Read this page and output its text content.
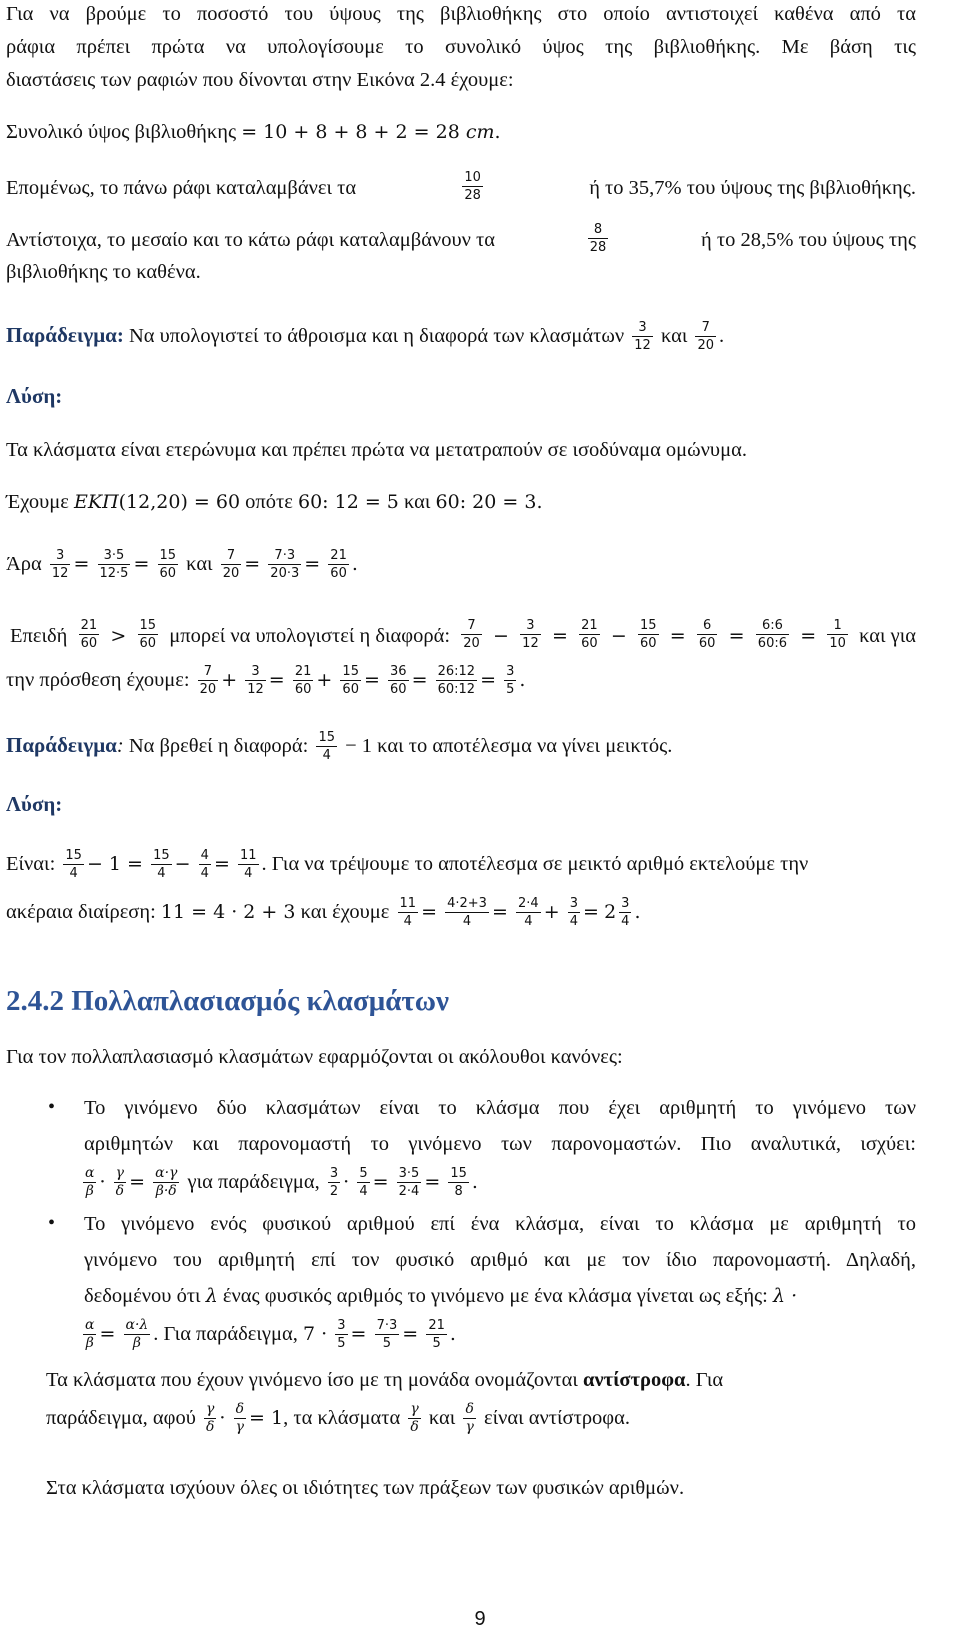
Για να βρούμε το ποσοστό του ύψους της βιβλιοθήκης στο οποίο αντιστοιχεί καθένα από τα
ράφια πρέπει πρώτα να υπολογίσουμε το συνολικό ύψος της βιβλιοθήκης. Με βάση τις
διαστάσεις των ραφιών που δίνονται στην Εικόνα 2.4 έχουμε:
Συνολικό ύψος βιβλιοθήκης = 10 + 8 + 8 + 2 = 28 cm.
Επομένως, το πάνω ράφι καταλαμβάνει τα	10
28	ή το 35,7% του ύψους της βιβλιοθήκης.
Αντίστοιχα, το μεσαίο και το κάτω ράφι καταλαμβάνουν τα	8
28	ή το 28,5% του ύψους της
βιβλιοθήκης το καθένα.
Παράδειγμα: Να υπολογιστεί το άθροισμα και η διαφορά των κλασμάτων $\frac{3}{12}$ και $\frac{7}{20}$ .
Λύση:
Τα κλάσματα είναι ετερώνυμα και πρέπει πρώτα να μετατραπούν σε ισοδύναμα ομώνυμα.
Έχουμε ΕΚΠ(12,20) = 60 οπότε 60: 12 = 5 και 60: 20 = 3.
Άρα $\frac{3}{12} = \frac{3\cdot 5}{12\cdot 5} = \frac{15}{60}$ και $\frac{7}{20} = \frac{7\cdot 3}{20\cdot 3} = \frac{21}{60}$ .
Επειδή 21
60 > 15
60 μπορεί να υπολογιστεί η διαφορά:	7
$20 - \frac{3}{12} = \frac{21}{60} - \frac{15}{60} = \frac{6}{60} = \frac{6:6}{60:6} = \frac{1}{10}$ και για
την πρόσθεση έχουμε: $\frac{7}{20} + \frac{3}{12} = \frac{21}{60} + \frac{15}{60} = \frac{36}{60} = \frac{26:12}{60:12} = \frac{3}{5}$ .
Παράδειγμα: Να βρεθεί η διαφορά: $\frac{15}{4} - 1$ και το αποτέλεσμα να γίνει μεικτός.
Λύση:
Είναι: $\frac{15}{4} - 1 = \frac{15}{4} - \frac{4}{4} = \frac{11}{4}$ . Για να τρέψουμε το αποτέλεσμα σε μεικτό αριθμό εκτελούμε την
ακέραια διαίρεση: 11 = 4 · 2 + 3 και έχουμε $\frac{11}{4} = \frac{4\cdot 2+3}{4} = \frac{2\cdot 4}{4} + \frac{3}{4} = 2 \frac{3}{4}$ .
2.4.2 Πολλαπλασιασμός κλασμάτων
Για τον πολλαπλασιασμό κλασμάτων εφαρμόζονται οι ακόλουθοι κανόνες:
• Το γινόμενο δύο κλασμάτων είναι το κλάσμα που έχει αριθμητή το γινόμενο των
αριθμητών και παρονομαστή το γινόμενο των παρονομαστών. Πιο αναλυτικά, ισχύει:
$\frac{\alpha}{\beta} \cdot \frac{\gamma}{\delta} = \frac{\alpha\cdot\gamma}{\beta\cdot\delta}$ για παράδειγμα, $\frac{3}{2} \cdot \frac{5}{4} = \frac{3\cdot 5}{2\cdot 4} = \frac{15}{8}$ .
• Το γινόμενο ενός φυσικού αριθμού επί ένα κλάσμα, είναι το κλάσμα με αριθμητή το
γινόμενο του αριθμητή επί τον φυσικό αριθμό και με τον ίδιο παρονομαστή. Δηλαδή,
δεδομένου ότι λ ένας φυσικός αριθμός το γινόμενο με ένα κλάσμα γίνεται ως εξής: λ ·
$\frac{\alpha}{\beta} = \frac{\alpha\cdot\lambda}{\beta}$ . Για παράδειγμα, $7 \cdot \frac{3}{5} = \frac{7\cdot 3}{5} = \frac{21}{5}$ .
Τα κλάσματα που έχουν γινόμενο ίσο με τη μονάδα ονομάζονται αντίστροφα. Για
παράδειγμα, αφού $\frac{\gamma}{\delta} \cdot \frac{\delta}{\gamma} = 1$, τα κλάσματα $\frac{\gamma}{\delta}$ και $\frac{\delta}{\gamma}$ είναι αντίστροφα.
Στα κλάσματα ισχύουν όλες οι ιδιότητες των πράξεων των φυσικών αριθμών.
9
